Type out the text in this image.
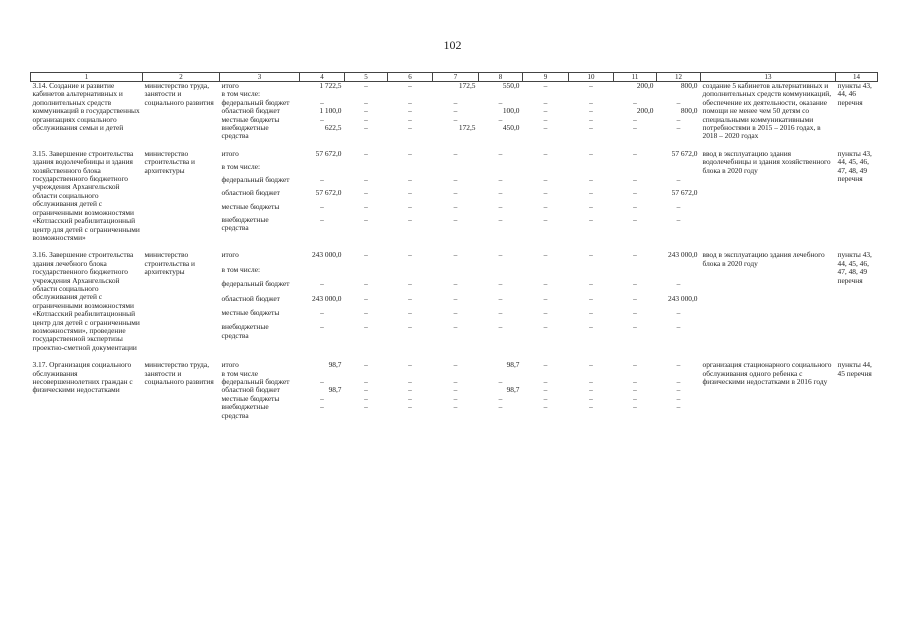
102
1	2	3	4	5	6	7	8	9	10	11	12	13	14
3.14. Создание и развитие кабинетов альтернативных и дополнительных средств коммуникаций в государственных организациях социального обслуживания семьи и детей	министерство труда, занятости и социального развития	итого	1 722,5	–	–	172,5	550,0	–	–	200,0	800,0	создание 5 кабинетов альтернативных и дополнительных средств коммуникаций, обеспечение их деятельности, оказание помощи не менее чем 50 детям со специальными коммуникативными потребностями в 2015 – 2016 годах, в 2018 – 2020 годах	пункты 43, 44, 46 перечня
		в том числе:											
		федеральный бюджет	–	–	–	–	–	–	–	–	–		
		областной бюджет	1 100,0	–	–	–	100,0	–	–	200,0	800,0		
		местные бюджеты	–	–	–	–	–	–	–	–	–		
		внебюджетные средства	622,5	–	–	172,5	450,0	–	–	–	–		

3.15. Завершение строительства здания водолечебницы и здания хозяйственного блока государственного бюджетного учреждения Архангельской области социального обслуживания детей с ограниченными возможностями «Котласский реабилитационный центр для детей с ограниченными возможностями»	министерство строительства и архитектуры	итого	57 672,0	–	–	–	–	–	–	–	57 672,0	ввод в эксплуатацию здания водолечебницы и здания хозяйственного блока в 2020 году	пункты 43, 44, 45, 46, 47, 48, 49 перечня
		в том числе:											
		федеральный бюджет	–	–	–	–	–	–	–	–	–		
		областной бюджет	57 672,0	–	–	–	–	–	–	–	57 672,0		
		местные бюджеты	–	–	–	–	–	–	–	–	–		
		внебюджетные средства	–	–	–	–	–	–	–	–	–		

3.16. Завершение строительства здания лечебного блока государственного бюджетного учреждения Архангельской области социального обслуживания детей с ограниченными возможностями «Котласский реабилитационный центр для детей с ограниченными возможностями», проведение государственной экспертизы проектно-сметной документации	министерство строительства и архитектуры	итого	243 000,0	–	–	–	–	–	–	–	243 000,0	ввод в эксплуатацию здания лечебного блока в 2020 году	пункты 43, 44, 45, 46, 47, 48, 49 перечня
		в том числе:											
		федеральный бюджет	–	–	–	–	–	–	–	–	–		
		областной бюджет	243 000,0	–	–	–	–	–	–	–	243 000,0		
		местные бюджеты	–	–	–	–	–	–	–	–	–		
		внебюджетные средства	–	–	–	–	–	–	–	–	–		

3.17. Организация социального обслуживания несовершеннолетних граждан с физическими недостатками	министерство труда, занятости и социального развития	итого	98,7	–	–	–	98,7	–	–	–	–	организация стационарного социального обслуживания одного ребенка с физическими недостатками в 2016 году	пункты 44, 45 перечня
		в том числе											
		федеральный бюджет	–	–	–	–	–	–	–	–	–		
		областной бюджет	98,7	–	–	–	98,7	–	–	–	–		
		местные бюджеты	–	–	–	–	–	–	–	–	–		
		внебюджетные средства	–	–	–	–	–	–	–	–	–		
